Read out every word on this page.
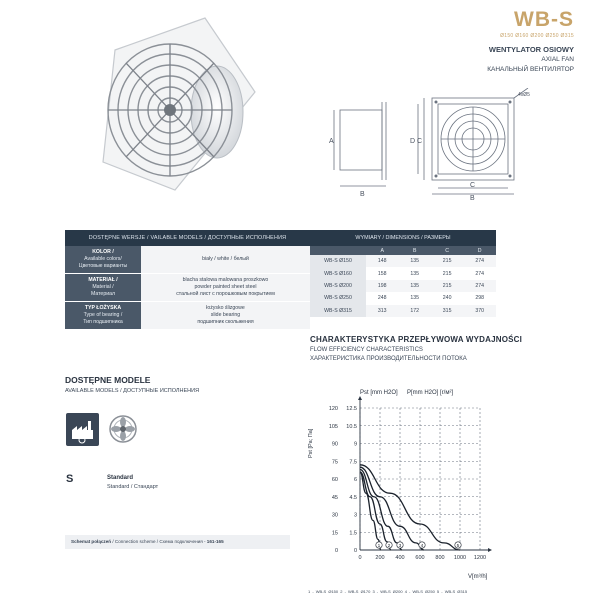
WB-S
Ø150 Ø160 Ø200 Ø250 Ø315
WENTYLATOR OSIOWY
AXIAL FAN
КАНАЛЬНЫЙ ВЕНТИЛЯТОР
A
B
D C
C
B
4xØ5
DOSTĘPNE WERSJE / VAILABLE MODELS / ДОСТУПНЫЕ ИСПОЛНЕНИЯ	

KOLOR /
Available colors/
Цветовые варианты	biały / white / белый

MATERIAŁ /
Material /
Материал	blacha stalowa malowana proszkowo
powder painted sheet steel
стальной лист с порошковым покрытием

TYP ŁOŻYSKA
Type of bearing /
Тип подшипника	łożysko ślizgowe
slide bearing
подшипник скольжения
WYMIARY / DIMENSIONS / РАЗМЕРЫ				
	A	B	C	D
WB-S Ø150	148	135	215	274
WB-S Ø160	158	135	215	274
WB-S Ø200	198	135	215	274
WB-S Ø250	248	135	240	298
WB-S Ø315	313	172	315	370
DOSTĘPNE MODELE
AVAILABLE MODELS / ДОСТУПНЫЕ ИСПОЛНЕНИЯ
S	Standard
Standard / Стандарт
Schemat połączeń / Connection scheme / Схема подключения - 161-165
CHARAKTERYSTYKA PRZEPŁYWOWA WYDAJNOŚCI
FLOW EFFICIENCY CHARACTERISTICS
ХАРАКТЕРИСТИКА ПРОИЗВОДИТЕЛЬНОСТИ ПОТОКА
0	0
15 1.5
30	3
45 4.5
60	6
75 7.5
90	9
105 10.5
120 12.5
0	200 400 600 800 1000 1200
1 2 3	4	5
Pst [mm H2O] P[mm H2O] [r/м²]
Pst [Pa; Па]
V[m³/h]
1 - WB-S Ø150 2 - WB-S Ø170 3 - WB-S Ø200 4 - WB-S Ø250 5 - WB-S Ø315
